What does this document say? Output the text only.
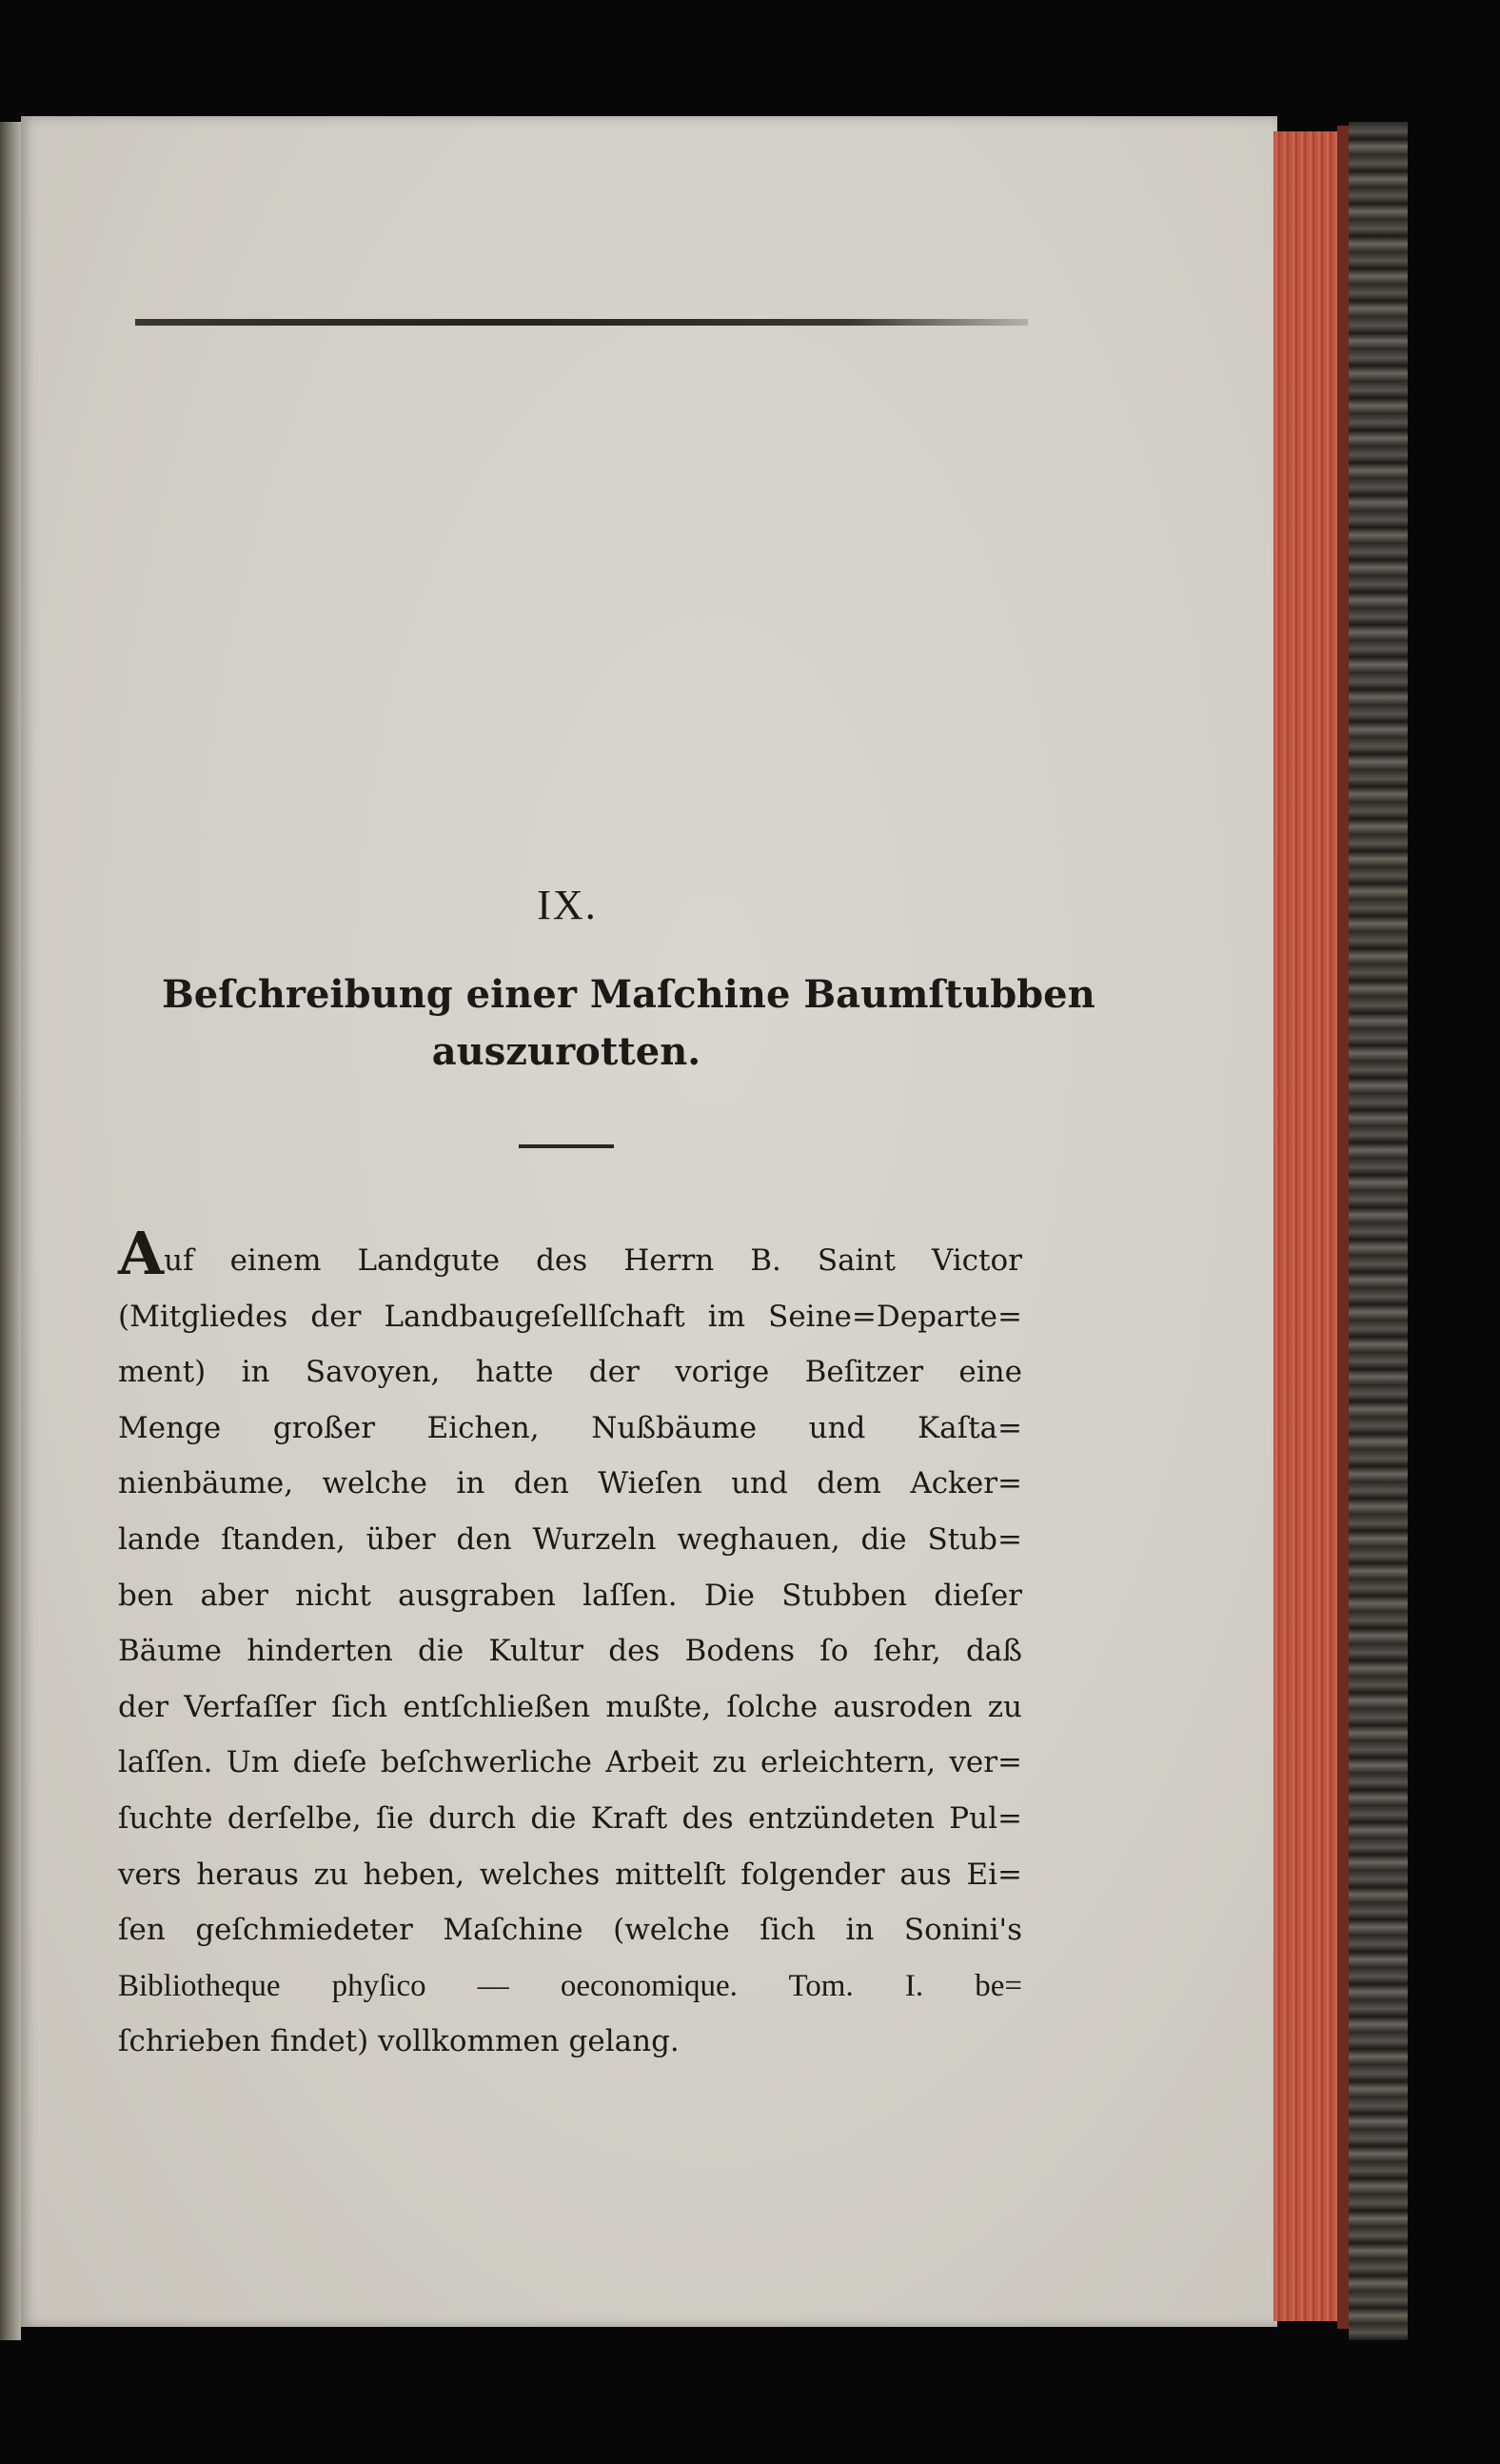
IX.
Beſchreibung einer Maſchine Baumſtubben
auszurotten.
Auf einem Landgute des Herrn B. Saint Victor
(Mitgliedes der Landbaugeſellſchaft im Seine=Departe=
ment) in Savoyen, hatte der vorige Beſitzer eine
Menge großer Eichen, Nußbäume und Kaſta=
nienbäume, welche in den Wieſen und dem Acker=
lande ſtanden, über den Wurzeln weghauen, die Stub=
ben aber nicht ausgraben laſſen. Die Stubben dieſer
Bäume hinderten die Kultur des Bodens ſo ſehr, daß
der Verfaſſer ſich entſchließen mußte, ſolche ausroden zu
laſſen. Um dieſe beſchwerliche Arbeit zu erleichtern, ver=
ſuchte derſelbe, ſie durch die Kraft des entzündeten Pul=
vers heraus zu heben, welches mittelſt folgender aus Ei=
ſen geſchmiedeter Maſchine (welche ſich in Sonini's
Bibliotheque phyſico — oeconomique. Tom. I. be=
ſchrieben findet) vollkommen gelang.
